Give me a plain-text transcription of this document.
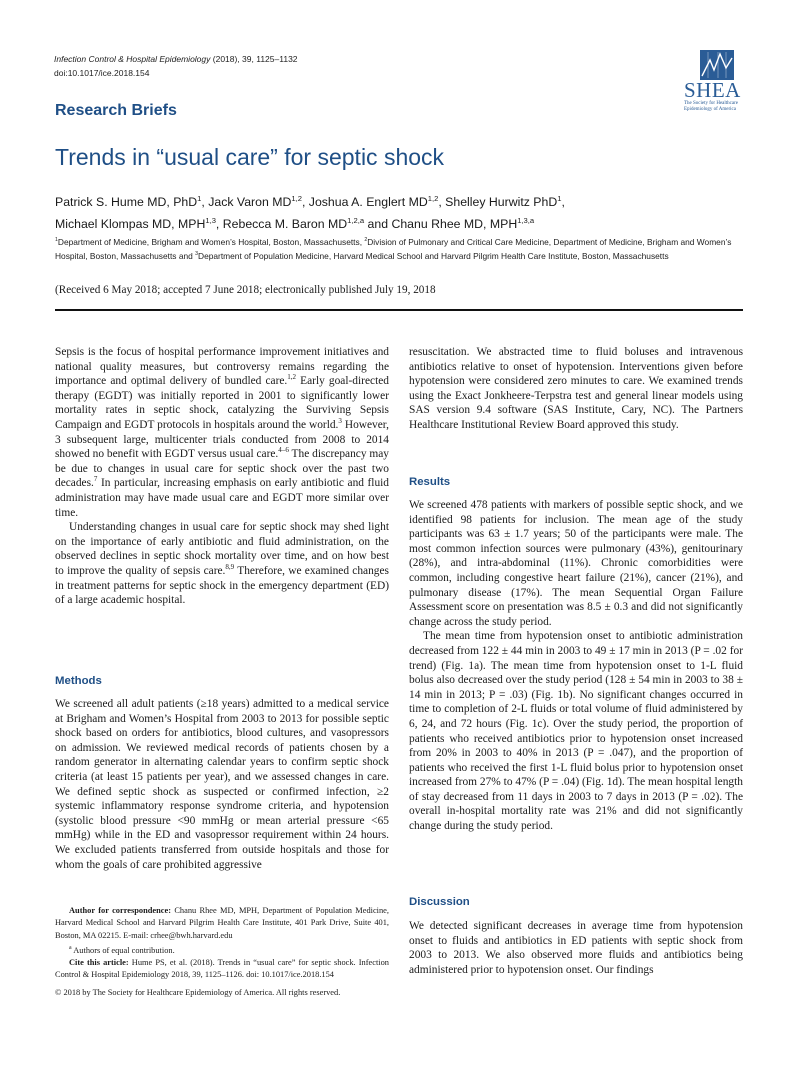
Infection Control & Hospital Epidemiology (2018), 39, 1125–1132
doi:10.1017/ice.2018.154
SHEA
The Society for Healthcare
Epidemiology of America
Research Briefs
Trends in “usual care” for septic shock
Patrick S. Hume MD, PhD$^1$, Jack Varon MD$^{1,2}$, Joshua A. Englert MD$^{1,2}$, Shelley Hurwitz PhD$^1$,
Michael Klompas MD, MPH$^{1,3}$, Rebecca M. Baron MD$^{1,2,a}$ and Chanu Rhee MD, MPH$^{1,3,a}$
$^1$Department of Medicine, Brigham and Women’s Hospital, Boston, Massachusetts, $^2$Division of Pulmonary and Critical Care Medicine, Department of Medicine, Brigham and Women’s Hospital, Boston, Massachusetts and $^3$Department of Population Medicine, Harvard Medical School and Harvard Pilgrim Health Care Institute, Boston, Massachusetts
(Received 6 May 2018; accepted 7 June 2018; electronically published July 19, 2018

Sepsis is the focus of hospital performance improvement initiatives and national quality measures, but controversy remains regarding the importance and optimal delivery of bundled care.$^{1,2}$ Early goal-directed therapy (EGDT) was initially reported in 2001 to significantly lower mortality rates in septic shock, catalyzing the Surviving Sepsis Campaign and EGDT protocols in hospitals around the world.$^3$ However, 3 subsequent large, multicenter trials conducted from 2008 to 2014 showed no benefit with EGDT versus usual care.$^{4-6}$ The discrepancy may be due to changes in usual care for septic shock over the past two decades.$^7$ In particular, increasing emphasis on early antibiotic and fluid administration may have made usual care and EGDT more similar over time.

Understanding changes in usual care for septic shock may shed light on the importance of early antibiotic and fluid administration, on the observed declines in septic shock mortality over time, and on how best to improve the quality of sepsis care.$^{8,9}$ Therefore, we examined changes in treatment patterns for septic shock in the emergency department (ED) of a large academic hospital.

Methods

We screened all adult patients (≥18 years) admitted to a medical service at Brigham and Women’s Hospital from 2003 to 2013 for possible septic shock based on orders for antibiotics, blood cultures, and vasopressors on admission. We reviewed medical records of patients chosen by a random generator in alternating calendar years to confirm septic shock criteria (at least 15 patients per year), and we assessed changes in care. We defined septic shock as suspected or confirmed infection, ≥2 systemic inflammatory response syndrome criteria, and hypotension (systolic blood pressure <90 mmHg or mean arterial pressure <65 mmHg) while in the ED and vasopressor requirement within 24 hours. We excluded patients transferred from outside hospitals and those for whom the goals of care prohibited aggressive

Author for correspondence: Chanu Rhee MD, MPH, Department of Population Medicine, Harvard Medical School and Harvard Pilgrim Health Care Institute, 401 Park Drive, Suite 401, Boston, MA 02215. E-mail: crhee@bwh.harvard.edu

$^a$ Authors of equal contribution.

Cite this article: Hume PS, et al. (2018). Trends in “usual care” for septic shock. Infection Control & Hospital Epidemiology 2018, 39, 1125–1126. doi: 10.1017/ice.2018.154

© 2018 by The Society for Healthcare Epidemiology of America. All rights reserved.

resuscitation. We abstracted time to fluid boluses and intravenous antibiotics relative to onset of hypotension. Interventions given before hypotension were considered zero minutes to care. We examined trends using the Exact Jonkheere-Terpstra test and general linear models using SAS version 9.4 software (SAS Institute, Cary, NC). The Partners Healthcare Institutional Review Board approved this study.

Results

We screened 478 patients with markers of possible septic shock, and we identified 98 patients for inclusion. The mean age of the study participants was 63 ± 1.7 years; 50 of the participants were male. The most common infection sources were pulmonary (43%), genitourinary (28%), and intra-abdominal (11%). Chronic comorbidities were common, including congestive heart failure (21%), cancer (21%), and pulmonary disease (17%). The mean Sequential Organ Failure Assessment score on presentation was 8.5 ± 0.3 and did not significantly change across the study period.

The mean time from hypotension onset to antibiotic administration decreased from 122 ± 44 min in 2003 to 49 ± 17 min in 2013 (P = .02 for trend) (Fig. 1a). The mean time from hypotension onset to 1-L fluid bolus also decreased over the study period (128 ± 54 min in 2003 to 38 ± 14 min in 2013; P = .03) (Fig. 1b). No significant changes occurred in time to completion of 2-L fluids or total volume of fluid administered by 6, 24, and 72 hours (Fig. 1c). Over the study period, the proportion of patients who received antibiotics prior to hypotension onset increased from 20% in 2003 to 40% in 2013 (P = .047), and the proportion of patients who received the first 1-L fluid bolus prior to hypotension onset increased from 27% to 47% (P = .04) (Fig. 1d). The mean hospital length of stay decreased from 11 days in 2003 to 7 days in 2013 (P = .02). The overall in-hospital mortality rate was 21% and did not significantly change during the study period.

Discussion

We detected significant decreases in average time from hypotension onset to fluids and antibiotics in ED patients with septic shock from 2003 to 2013. We also observed more fluids and antibiotics being administered prior to hypotension onset. Our findings
